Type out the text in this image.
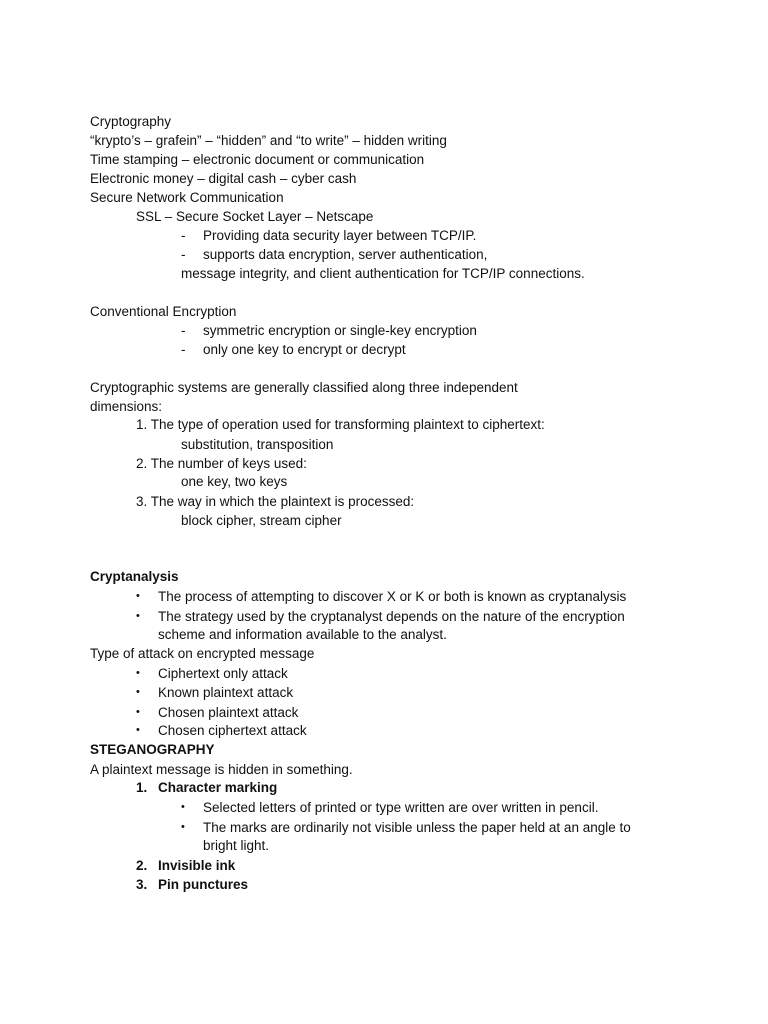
Cryptography
“krypto’s – grafein” – “hidden” and “to write” – hidden writing
Time stamping – electronic document or communication
Electronic money – digital cash – cyber cash
Secure Network Communication
SSL – Secure Socket Layer – Netscape
- Providing data security layer between TCP/IP.
- supports data encryption, server authentication,
message integrity, and client authentication for TCP/IP connections.
Conventional Encryption
- symmetric encryption or single-key encryption
- only one key to encrypt or decrypt
Cryptographic systems are generally classified along three independent
dimensions:
1. The type of operation used for transforming plaintext to ciphertext:
substitution, transposition
2. The number of keys used:
one key, two keys
3. The way in which the plaintext is processed:
block cipher, stream cipher
Cryptanalysis
• The process of attempting to discover X or K or both is known as cryptanalysis
• The strategy used by the cryptanalyst depends on the nature of the encryption
scheme and information available to the analyst.
Type of attack on encrypted message
• Ciphertext only attack
• Known plaintext attack
• Chosen plaintext attack
• Chosen ciphertext attack
STEGANOGRAPHY
A plaintext message is hidden in something.
1. Character marking
• Selected letters of printed or type written are over written in pencil.
• The marks are ordinarily not visible unless the paper held at an angle to
bright light.
2. Invisible ink
3. Pin punctures
